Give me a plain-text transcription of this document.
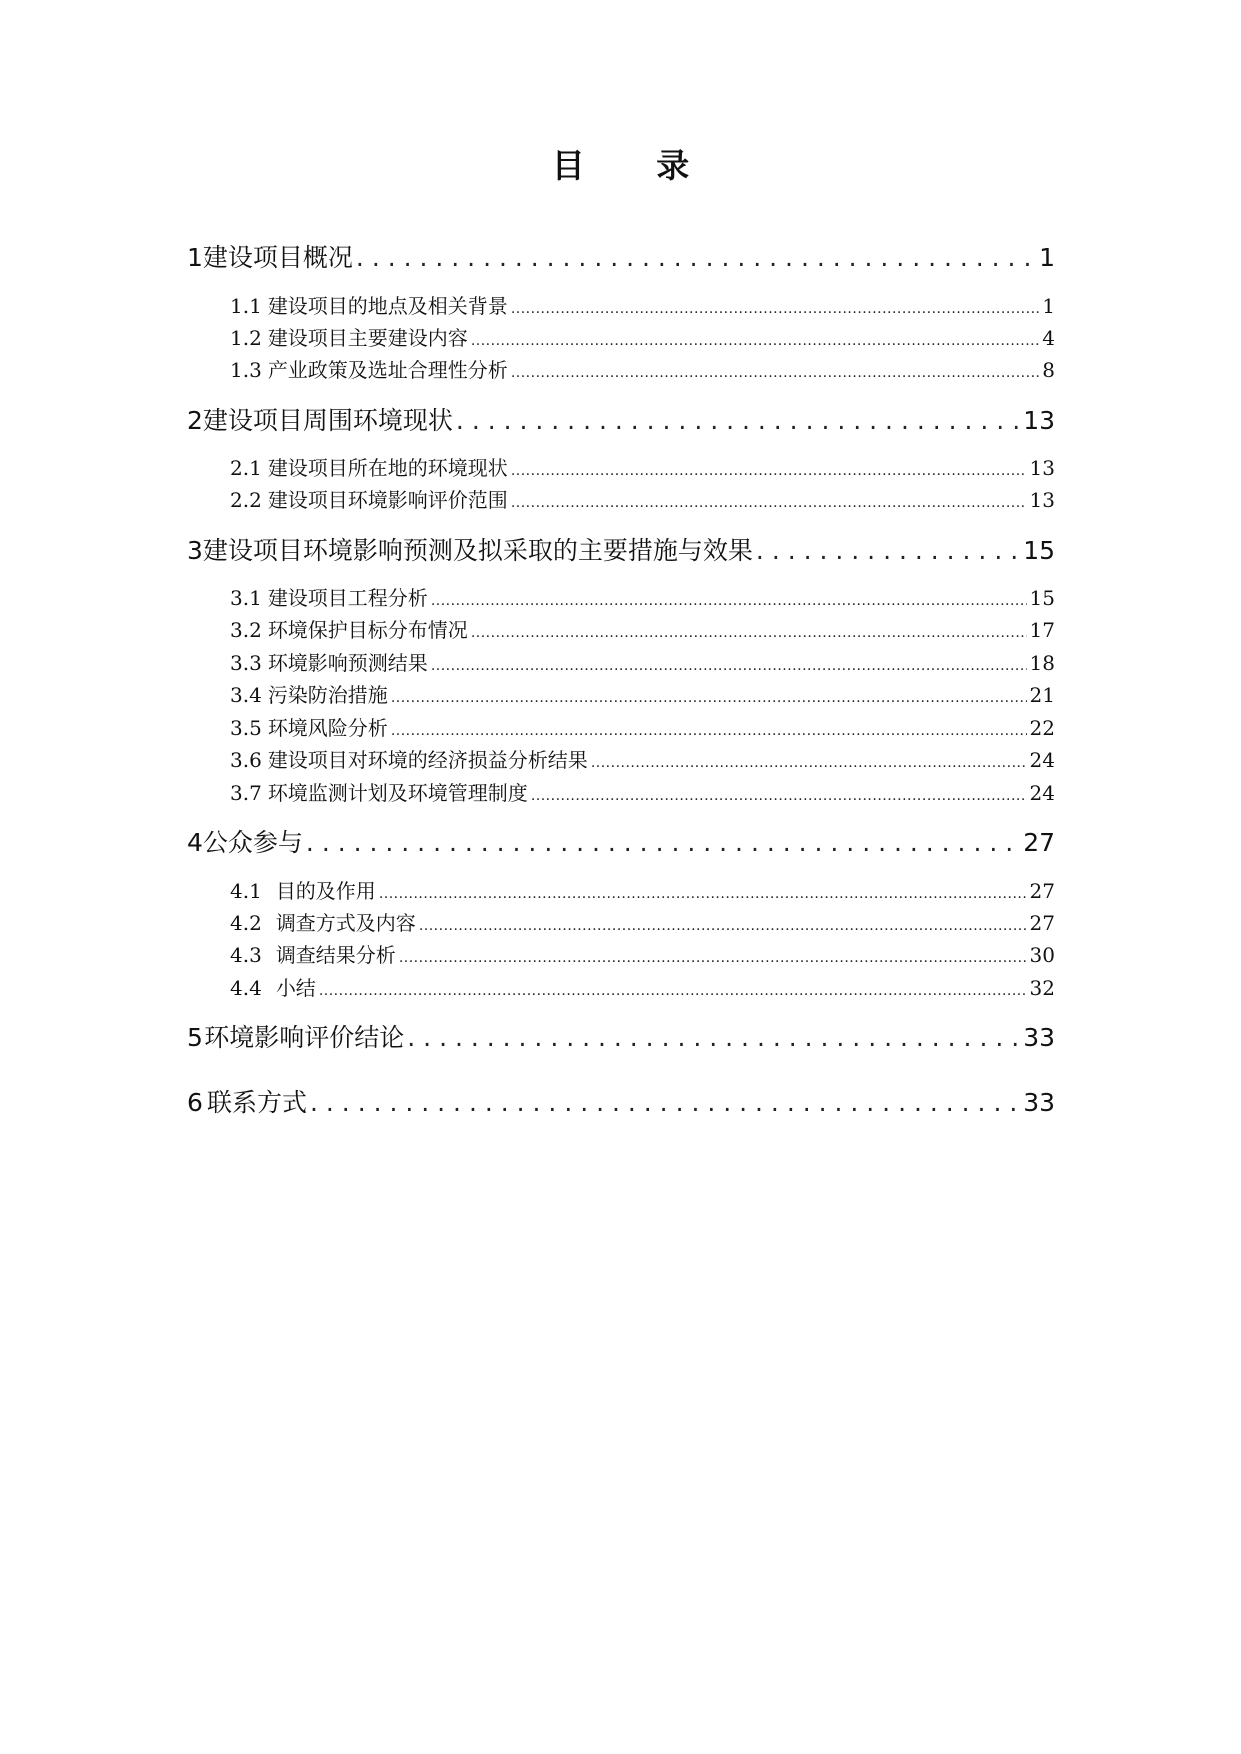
目 录
1 建设项目概况 . . .	1
1.1 建设项目的地点及相关背景 .....	1
1.2 建设项目主要建设内容 .....	4
1.3 产业政策及选址合理性分析 .....	8
2 建设项目周围环境现状 . . .	13
2.1 建设项目所在地的环境现状 .....	13
2.2 建设项目环境影响评价范围 .....	13
3 建设项目环境影响预测及拟采取的主要措施与效果 . . .	15
3.1 建设项目工程分析 .....	15
3.2 环境保护目标分布情况 .....	17
3.3 环境影响预测结果 .....	18
3.4 污染防治措施 .....	21
3.5 环境风险分析 .....	22
3.6 建设项目对环境的经济损益分析结果 .....	24
3.7 环境监测计划及环境管理制度 .....	24
4 公众参与 . . .	27
4.1 目的及作用 .....	27
4.2 调查方式及内容 .....	27
4.3 调查结果分析 .....	30
4.4 小结 .....	32
5 环境影响评价结论 . . .	33
6 联系方式 . . .	33
